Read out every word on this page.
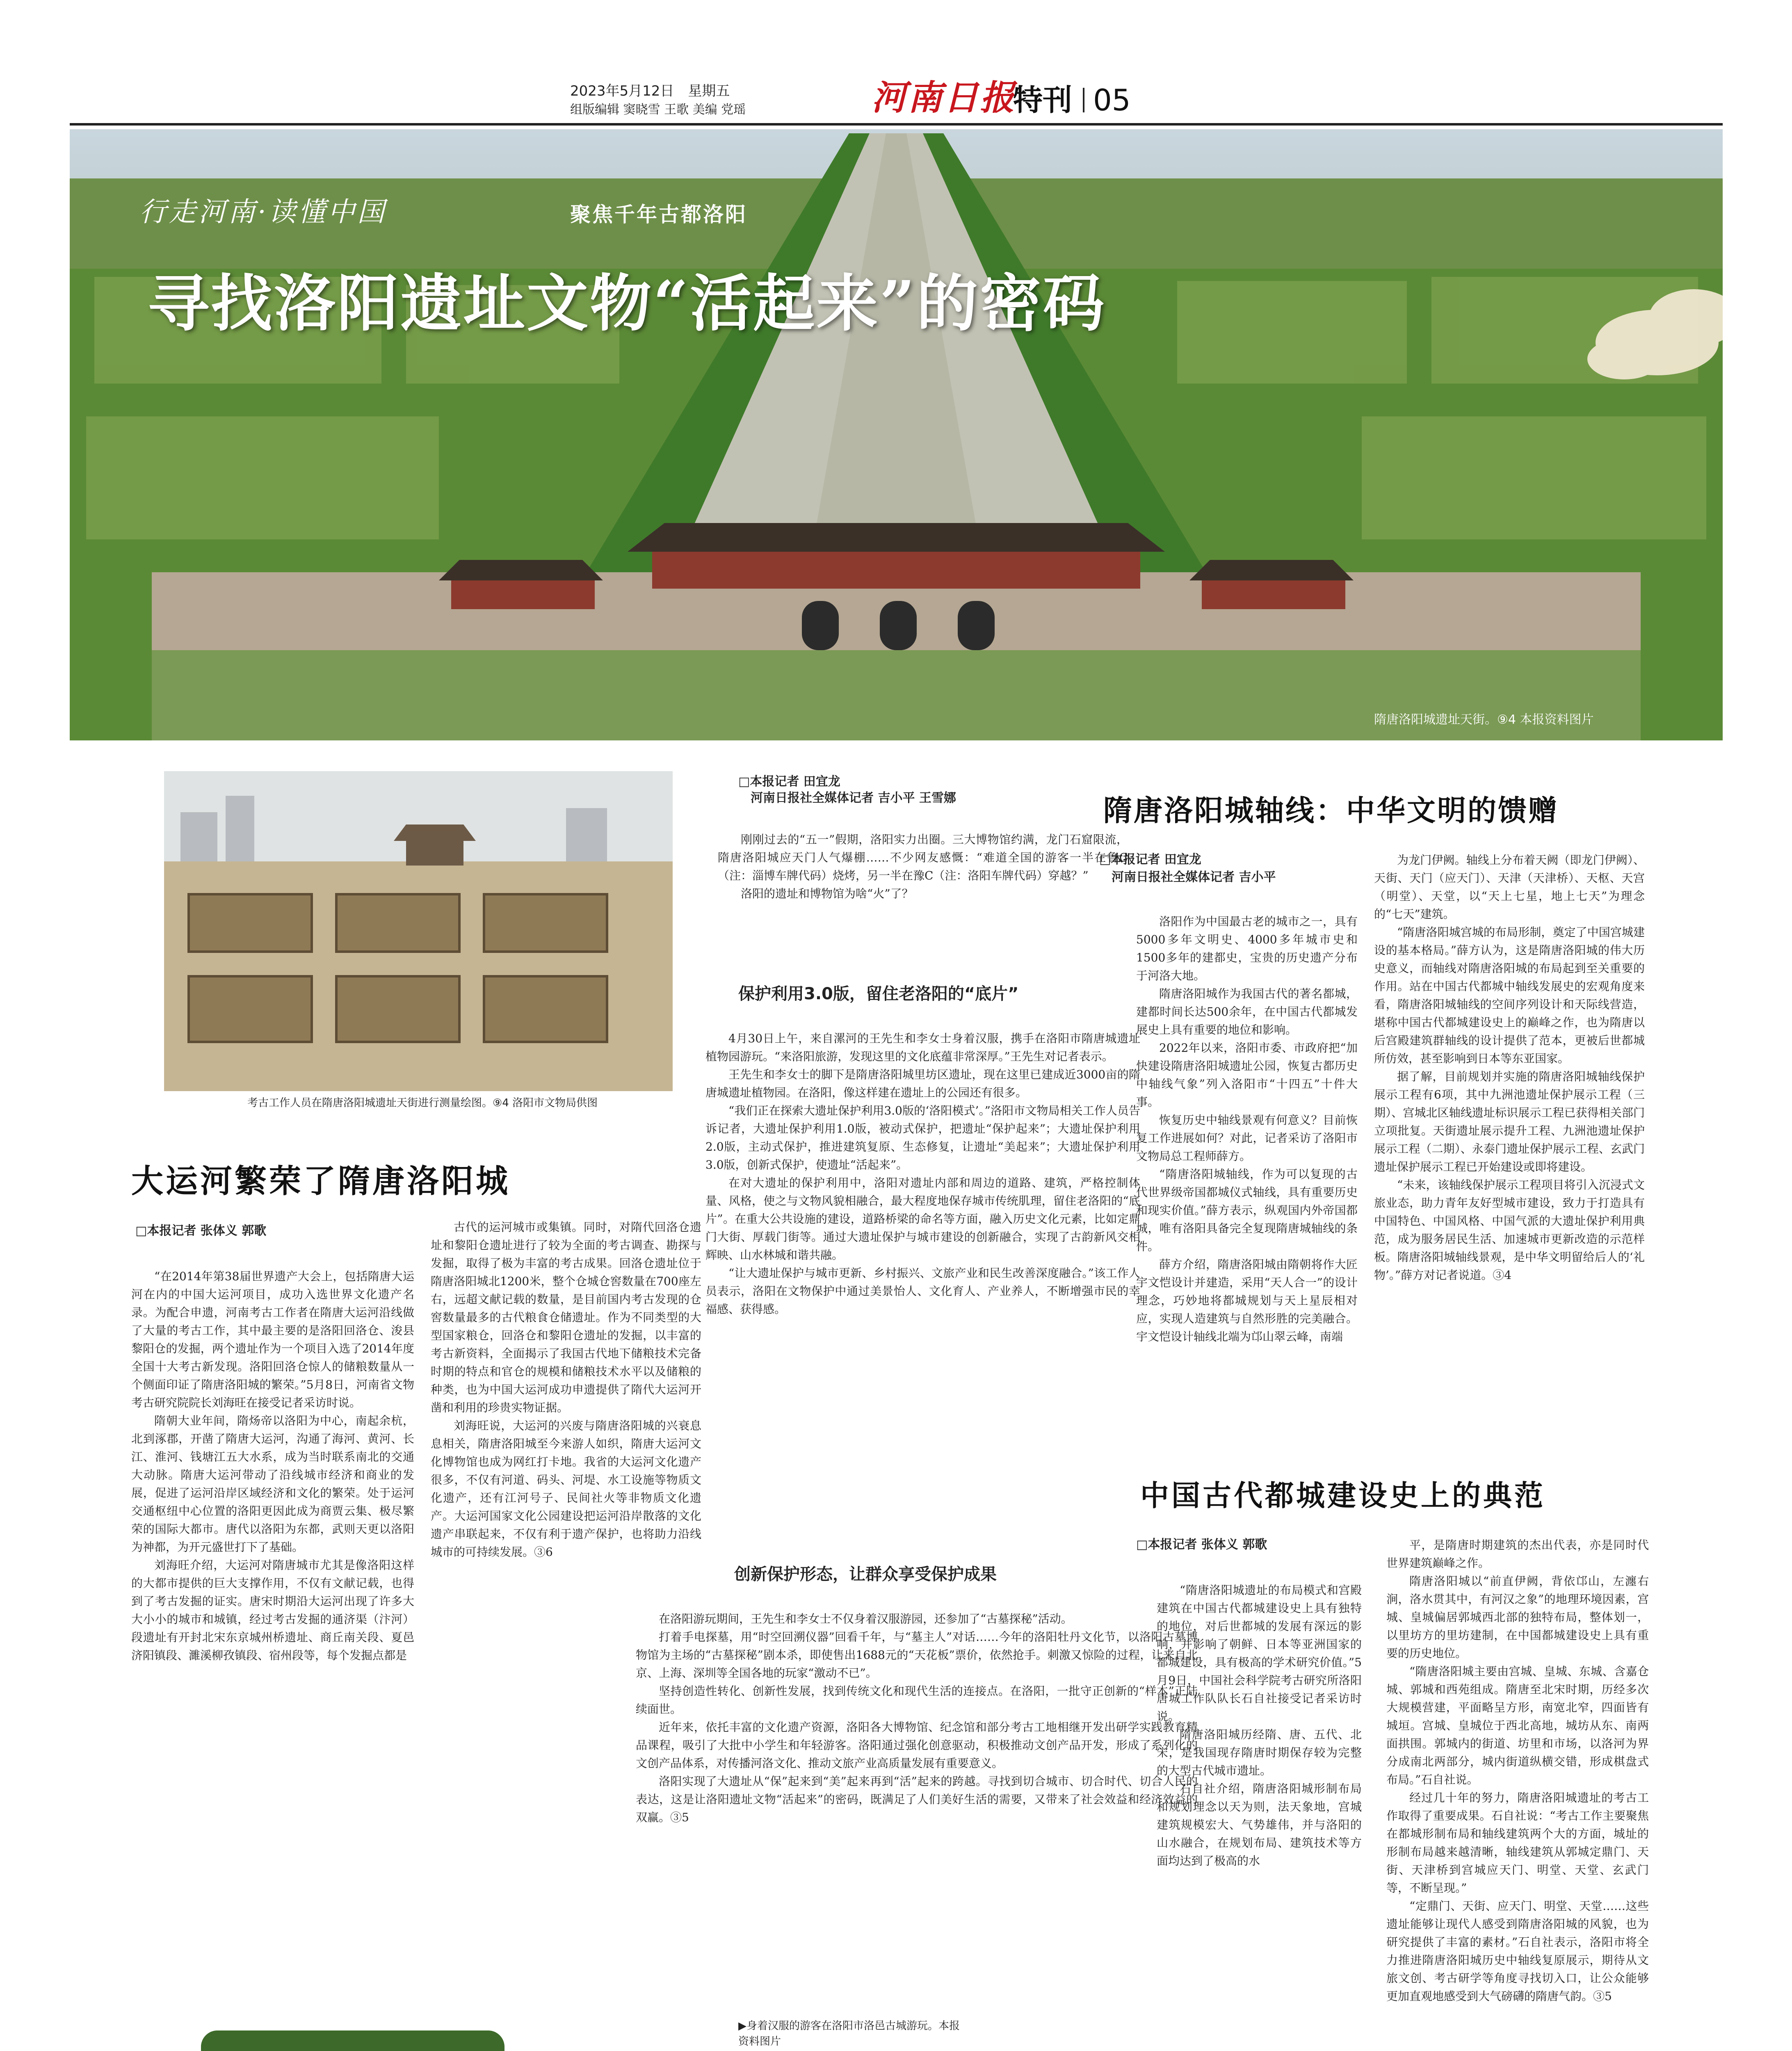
2023年5月12日　星期五
组版编辑 窦晓雪 王歌 美编 党瑶	河南日报
特刊 05
行走河南·读懂中国	聚焦千年古都洛阳
寻找洛阳遗址文物“活起来”的密码
隋唐洛阳城遗址天街。⑨4 本报资料图片
考古工作人员在隋唐洛阳城遗址天街进行测量绘图。⑨4 洛阳市文物局供图
大运河繁荣了隋唐洛阳城
□本报记者 张体义 郭歌

“在2014年第38届世界遗产大会上，包括隋唐大运河在内的中国大运河项目，成功入选世界文化遗产名录。为配合申遗，河南考古工作者在隋唐大运河沿线做了大量的考古工作，其中最主要的是洛阳回洛仓、浚县黎阳仓的发掘，两个遗址作为一个项目入选了2014年度全国十大考古新发现。洛阳回洛仓惊人的储粮数量从一个侧面印证了隋唐洛阳城的繁荣。”5月8日，河南省文物考古研究院院长刘海旺在接受记者采访时说。

隋朝大业年间，隋炀帝以洛阳为中心，南起余杭，北到涿郡，开凿了隋唐大运河，沟通了海河、黄河、长江、淮河、钱塘江五大水系，成为当时联系南北的交通大动脉。隋唐大运河带动了沿线城市经济和商业的发展，促进了运河沿岸区域经济和文化的繁荣。处于运河交通枢纽中心位置的洛阳更因此成为商贾云集、极尽繁荣的国际大都市。唐代以洛阳为东都，武则天更以洛阳为神都，为开元盛世打下了基础。

刘海旺介绍，大运河对隋唐城市尤其是像洛阳这样的大都市提供的巨大支撑作用，不仅有文献记载，也得到了考古发掘的证实。唐宋时期沿大运河出现了许多大大小小的城市和城镇，经过考古发掘的通济渠（汴河）段遗址有开封北宋东京城州桥遗址、商丘南关段、夏邑济阳镇段、濉溪柳孜镇段、宿州段等，每个发掘点都是

古代的运河城市或集镇。同时，对隋代回洛仓遗址和黎阳仓遗址进行了较为全面的考古调查、勘探与发掘，取得了极为丰富的考古成果。回洛仓遗址位于隋唐洛阳城北1200米，整个仓城仓窖数量在700座左右，远超文献记载的数量，是目前国内考古发现的仓窖数量最多的古代粮食仓储遗址。作为不同类型的大型国家粮仓，回洛仓和黎阳仓遗址的发掘，以丰富的考古新资料，全面揭示了我国古代地下储粮技术完备时期的特点和官仓的规模和储粮技术水平以及储粮的种类，也为中国大运河成功申遗提供了隋代大运河开凿和利用的珍贵实物证据。

刘海旺说，大运河的兴废与隋唐洛阳城的兴衰息息相关，隋唐洛阳城至今来游人如织，隋唐大运河文化博物馆也成为网红打卡地。我省的大运河文化遗产很多，不仅有河道、码头、河堤、水工设施等物质文化遗产，还有江河号子、民间社火等非物质文化遗产。大运河国家文化公园建设把运河沿岸散落的文化遗产串联起来，不仅有利于遗产保护，也将助力沿线城市的可持续发展。③6

□本报记者 田宜龙
河南日报社全媒体记者 吉小平 王雪娜

刚刚过去的“五一”假期，洛阳实力出圈。三大博物馆约满，龙门石窟限流，隋唐洛阳城应天门人气爆棚……不少网友感慨：“难道全国的游客一半在鲁C（注：淄博车牌代码）烧烤，另一半在豫C（注：洛阳车牌代码）穿越？”

洛阳的遗址和博物馆为啥“火”了？

保护利用3.0版，留住老洛阳的“底片”

4月30日上午，来自漯河的王先生和李女士身着汉服，携手在洛阳市隋唐城遗址植物园游玩。“来洛阳旅游，发现这里的文化底蕴非常深厚。”王先生对记者表示。

王先生和李女士的脚下是隋唐洛阳城里坊区遗址，现在这里已建成近3000亩的隋唐城遗址植物园。在洛阳，像这样建在遗址上的公园还有很多。

“我们正在探索大遗址保护利用3.0版的‘洛阳模式’。”洛阳市文物局相关工作人员告诉记者，大遗址保护利用1.0版，被动式保护，把遗址“保护起来”；大遗址保护利用2.0版，主动式保护，推进建筑复原、生态修复，让遗址“美起来”；大遗址保护利用3.0版，创新式保护，使遗址“活起来”。

在对大遗址的保护利用中，洛阳对遗址内部和周边的道路、建筑，严格控制体量、风格，使之与文物风貌相融合，最大程度地保存城市传统肌理，留住老洛阳的“底片”。在重大公共设施的建设，道路桥梁的命名等方面，融入历史文化元素，比如定鼎门大街、厚载门街等。通过大遗址保护与城市建设的创新融合，实现了古韵新风交相辉映、山水林城和谐共融。

“让大遗址保护与城市更新、乡村振兴、文旅产业和民生改善深度融合。”该工作人员表示，洛阳在文物保护中通过美景怡人、文化育人、产业养人，不断增强市民的幸福感、获得感。

创新保护形态，让群众享受保护成果

在洛阳游玩期间，王先生和李女士不仅身着汉服游园，还参加了“古墓探秘”活动。

打着手电探墓，用“时空回溯仪器”回看千年，与“墓主人”对话……今年的洛阳牡丹文化节，以洛阳古墓博物馆为主场的“古墓探秘”剧本杀，即使售出1688元的“天花板”票价，依然抢手。刺激又惊险的过程，让来自北京、上海、深圳等全国各地的玩家“激动不已”。

坚持创造性转化、创新性发展，找到传统文化和现代生活的连接点。在洛阳，一批守正创新的“样本”正陆续面世。

近年来，依托丰富的文化遗产资源，洛阳各大博物馆、纪念馆和部分考古工地相继开发出研学实践教育精品课程，吸引了大批中小学生和年轻游客。洛阳通过强化创意驱动，积极推动文创产品开发，形成了系列化的文创产品体系，对传播河洛文化、推动文旅产业高质量发展有重要意义。

洛阳实现了大遗址从“保”起来到“美”起来再到“活”起来的跨越。寻找到切合城市、切合时代、切合人民的表达，这是让洛阳遗址文物“活起来”的密码，既满足了人们美好生活的需要，又带来了社会效益和经济效益的双赢。③5

▶身着汉服的游客在洛阳市洛邑古城游玩。本报资料图片
隋唐洛阳城轴线：中华文明的馈赠
□本报记者 田宜龙
河南日报社全媒体记者 吉小平

洛阳作为中国最古老的城市之一，具有5000多年文明史、4000多年城市史和1500多年的建都史，宝贵的历史遗产分布于河洛大地。

隋唐洛阳城作为我国古代的著名都城，建都时间长达500余年，在中国古代都城发展史上具有重要的地位和影响。

2022年以来，洛阳市委、市政府把“加快建设隋唐洛阳城遗址公园，恢复古都历史中轴线气象”列入洛阳市“十四五”十件大事。

恢复历史中轴线景观有何意义？目前恢复工作进展如何？对此，记者采访了洛阳市文物局总工程师薛方。

“隋唐洛阳城轴线，作为可以复现的古代世界级帝国都城仪式轴线，具有重要历史和现实价值。”薛方表示，纵观国内外帝国都城，唯有洛阳具备完全复现隋唐城轴线的条件。

薛方介绍，隋唐洛阳城由隋朝将作大匠宇文恺设计并建造，采用“天人合一”的设计理念，巧妙地将都城规划与天上星辰相对应，实现人造建筑与自然形胜的完美融合。宇文恺设计轴线北端为邙山翠云峰，南端

为龙门伊阙。轴线上分布着天阙（即龙门伊阙）、天街、天门（应天门）、天津（天津桥）、天枢、天宫（明堂）、天堂，以“天上七星，地上七天”为理念的“七天”建筑。

“隋唐洛阳城宫城的布局形制，奠定了中国宫城建设的基本格局。”薛方认为，这是隋唐洛阳城的伟大历史意义，而轴线对隋唐洛阳城的布局起到至关重要的作用。站在中国古代都城中轴线发展史的宏观角度来看，隋唐洛阳城轴线的空间序列设计和天际线营造，堪称中国古代都城建设史上的巅峰之作，也为隋唐以后宫殿建筑群轴线的设计提供了范本，更被后世都城所仿效，甚至影响到日本等东亚国家。

据了解，目前规划并实施的隋唐洛阳城轴线保护展示工程有6项，其中九洲池遗址保护展示工程（三期）、宫城北区轴线遗址标识展示工程已获得相关部门立项批复。天街遗址展示提升工程、九洲池遗址保护展示工程（二期）、永泰门遗址保护展示工程、玄武门遗址保护展示工程已开始建设或即将建设。

“未来，该轴线保护展示工程项目将引入沉浸式文旅业态，助力青年友好型城市建设，致力于打造具有中国特色、中国风格、中国气派的大遗址保护利用典范，成为服务居民生活、加速城市更新改造的示范样板。隋唐洛阳城轴线景观，是中华文明留给后人的‘礼物’。”薛方对记者说道。③4

中国古代都城建设史上的典范
□本报记者 张体义 郭歌

“隋唐洛阳城遗址的布局模式和宫殿建筑在中国古代都城建设史上具有独特的地位，对后世都城的发展有深远的影响，并影响了朝鲜、日本等亚洲国家的都城建设，具有极高的学术研究价值。”5月9日，中国社会科学院考古研究所洛阳唐城工作队队长石自社接受记者采访时说。

隋唐洛阳城历经隋、唐、五代、北宋，是我国现存隋唐时期保存较为完整的大型古代城市遗址。

石自社介绍，隋唐洛阳城形制布局和规划理念以天为则，法天象地，宫城建筑规模宏大、气势雄伟，并与洛阳的山水融合，在规划布局、建筑技术等方面均达到了极高的水

平，是隋唐时期建筑的杰出代表，亦是同时代世界建筑巅峰之作。

隋唐洛阳城以“前直伊阙，背依邙山，左瀍右涧，洛水贯其中，有河汉之象”的地理环境因素，宫城、皇城偏居郭城西北部的独特布局，整体划一，以里坊方的里坊建制，在中国都城建设史上具有重要的历史地位。

“隋唐洛阳城主要由宫城、皇城、东城、含嘉仓城、郭城和西苑组成。隋唐至北宋时期，历经多次大规模营建，平面略呈方形，南宽北窄，四面皆有城垣。宫城、皇城位于西北高地，城坊从东、南两面拱围。郭城内的街道、坊里和市场，以洛河为界分成南北两部分，城内街道纵横交错，形成棋盘式布局。”石自社说。

经过几十年的努力，隋唐洛阳城遗址的考古工作取得了重要成果。石自社说：“考古工作主要聚焦在都城形制布局和轴线建筑两个大的方面，城址的形制布局越来越清晰，轴线建筑从郭城定鼎门、天街、天津桥到宫城应天门、明堂、天堂、玄武门等，不断呈现。”

“定鼎门、天街、应天门、明堂、天堂……这些遗址能够让现代人感受到隋唐洛阳城的风貌，也为研究提供了丰富的素材。”石自社表示，洛阳市将全力推进隋唐洛阳城历史中轴线复原展示，期待从文旅文创、考古研学等角度寻找切入口，让公众能够更加直观地感受到大气磅礴的隋唐气韵。③5
